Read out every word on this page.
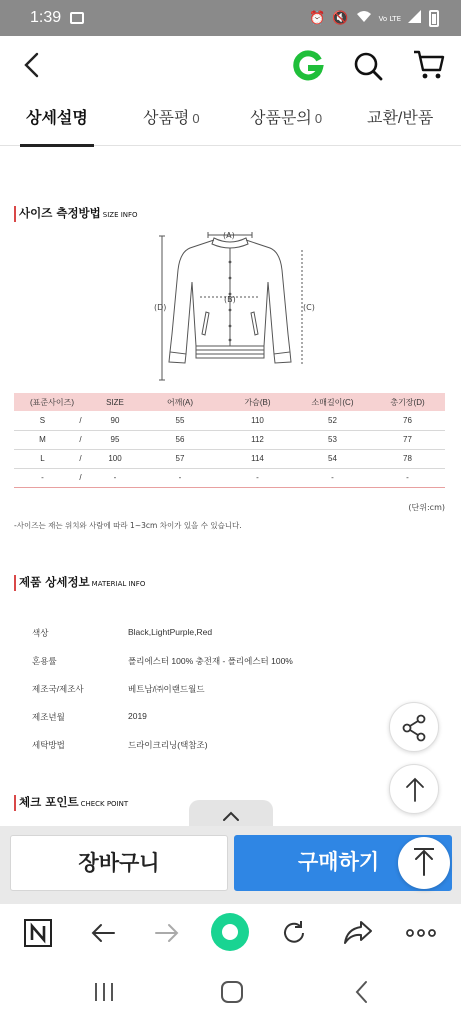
1:39	⏰ 🔇	Vo LTE
상세설명	상품평 0	상품문의 0	교환/반품
사이즈 측정방법 SIZE INFO
(A)
(B)
(C)
(D)
(표준사이즈)		SIZE	어깨(A)	가슴(B)	소매길이(C)	총기장(D)
S	/	90	55	110	52	76
M	/	95	56	112	53	77
L	/	100	57	114	54	78
-	/	-	-	-	-	-
(단위:cm)
-사이즈는 재는 위치와 사람에 따라 1~3cm 차이가 있을 수 있습니다.
제품 상세정보 MATERIAL INFO
색상	Black,LightPurple,Red
혼용률	폴리에스터 100% 충전재 - 폴리에스터 100%
제조국/제조사	베트남/㈜이랜드월드
제조년월	2019
세탁방법	드라이크리닝(택참조)
체크 포인트 CHECK POINT
장바구니	구매하기
